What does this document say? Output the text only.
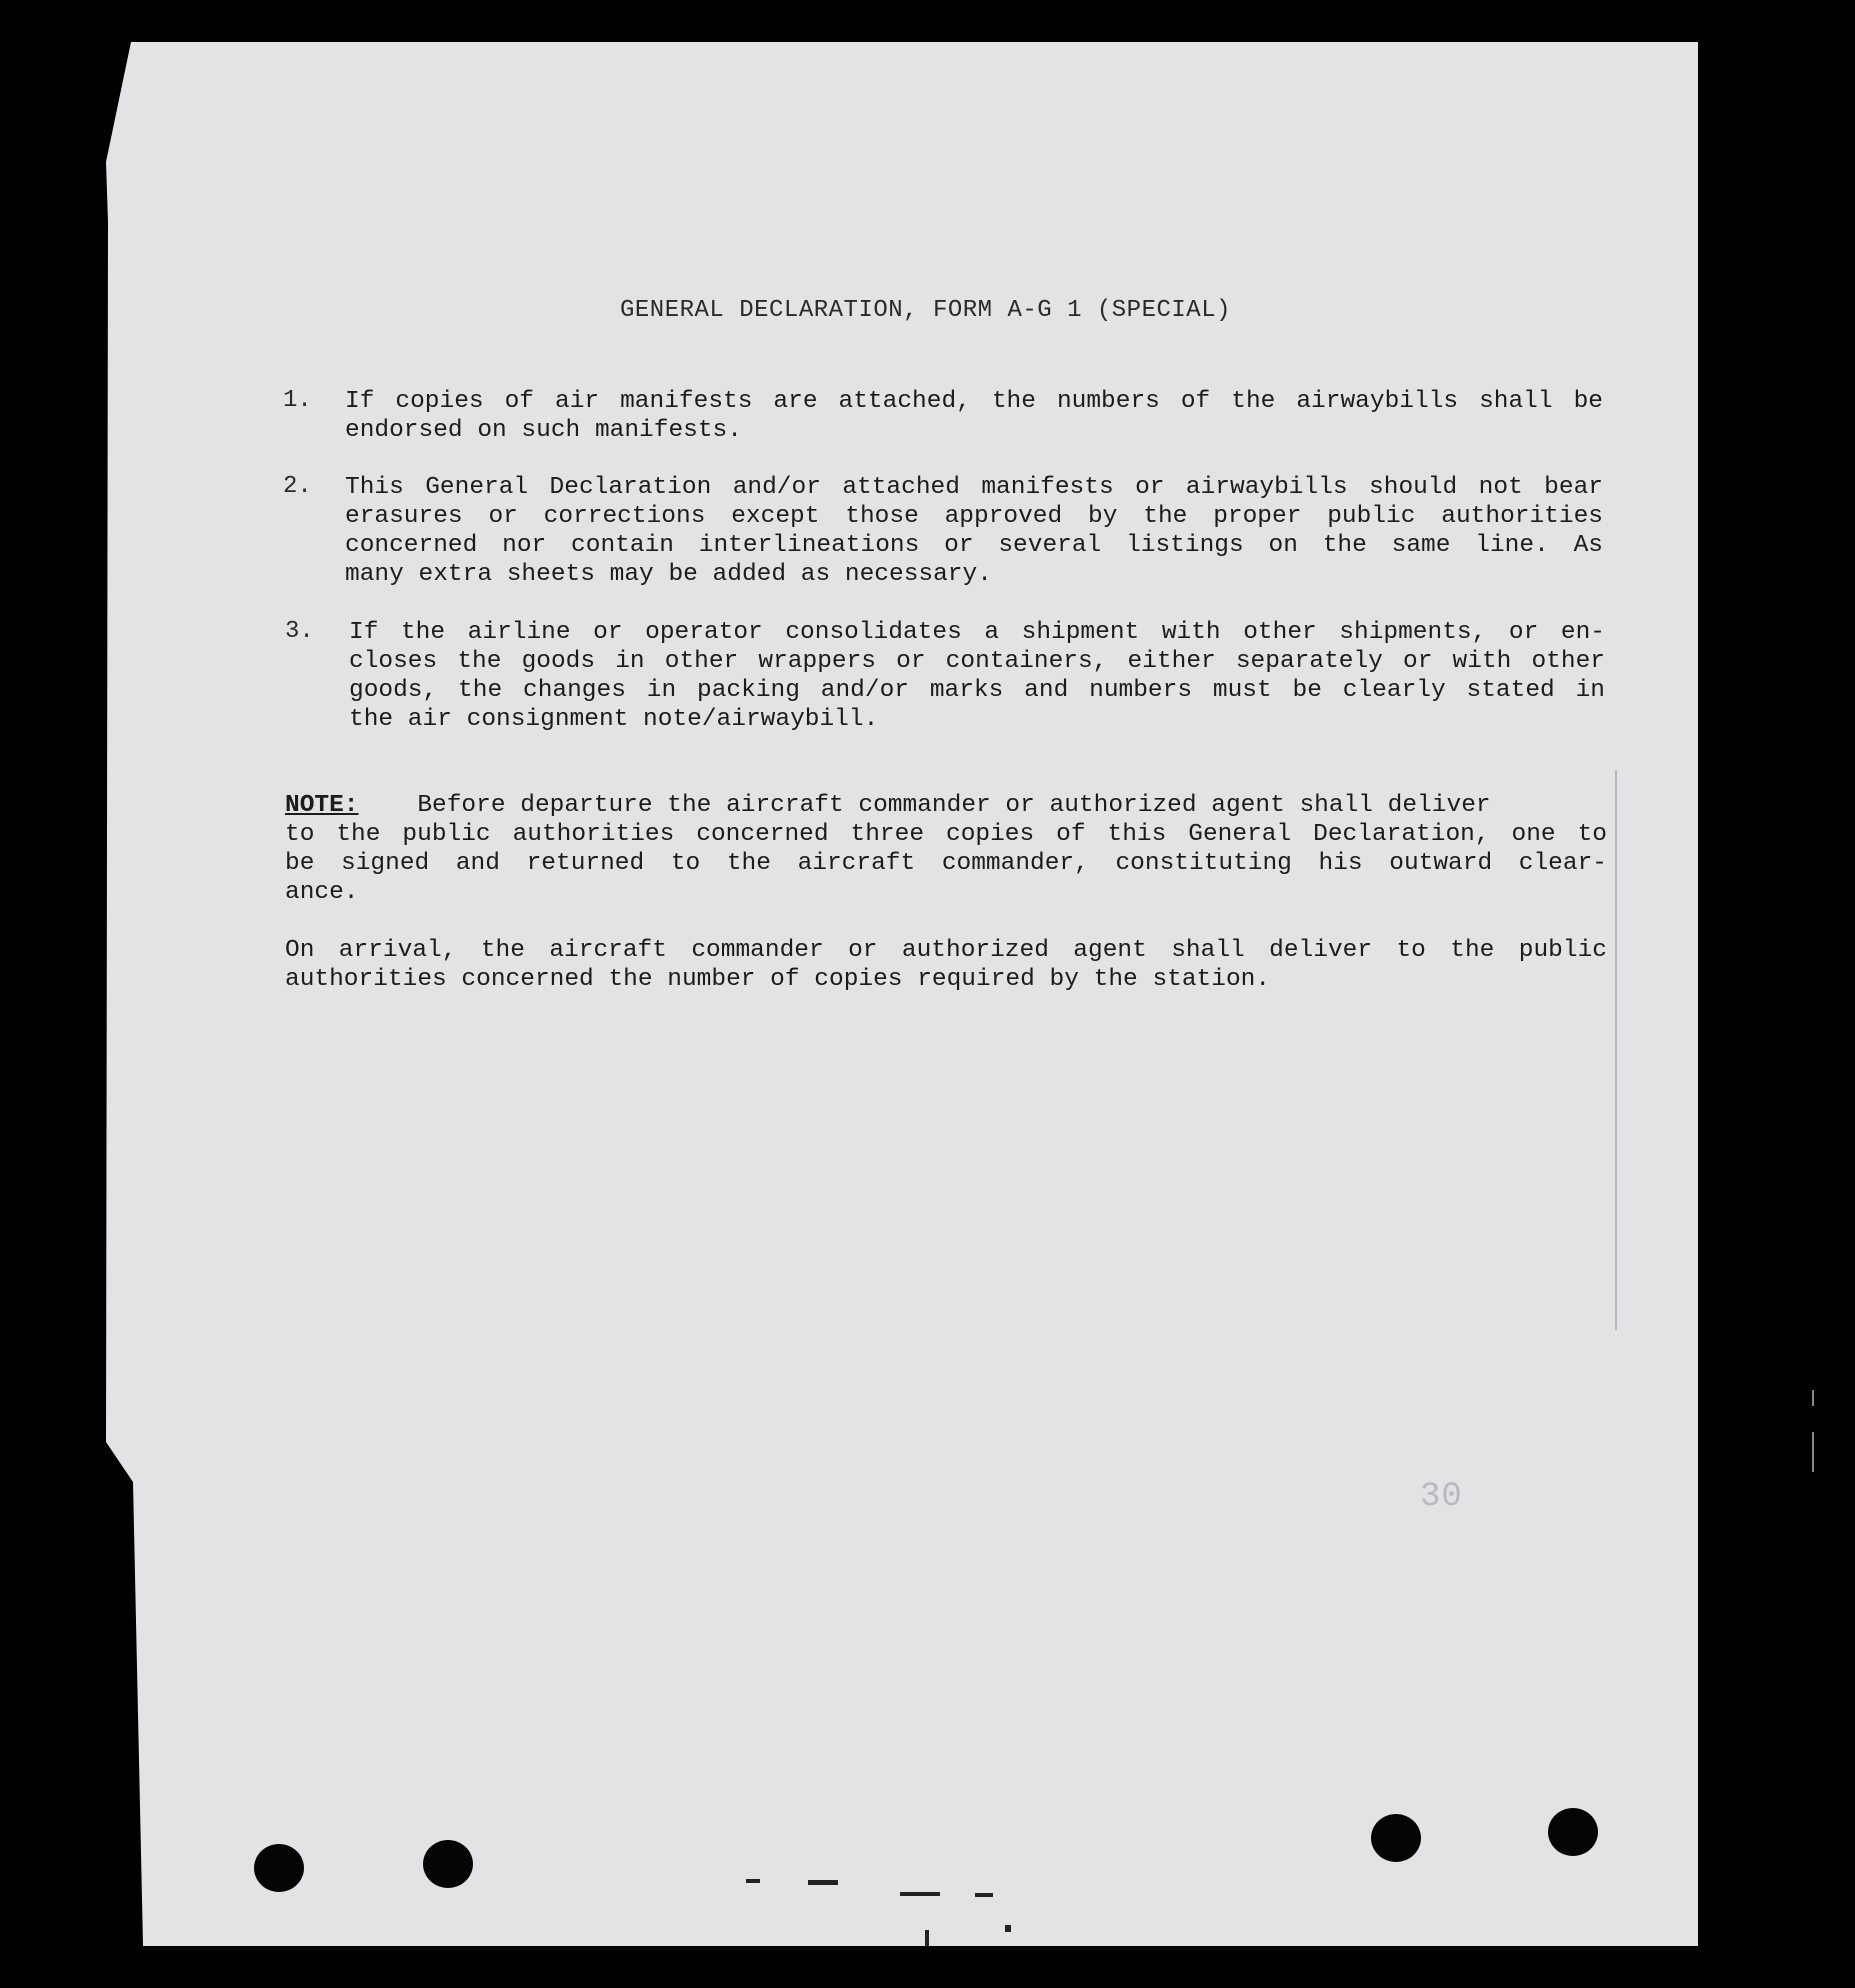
GENERAL DECLARATION, FORM A-G 1 (SPECIAL)
1. If copies of air manifests are attached, the numbers of the airwaybills shall be
endorsed on such manifests.
2. This General Declaration and/or attached manifests or airwaybills should not bear
erasures or corrections except those approved by the proper public authorities
concerned nor contain interlineations or several listings on the same line. As
many extra sheets may be added as necessary.
3. If the airline or operator consolidates a shipment with other shipments, or en-
closes the goods in other wrappers or containers, either separately or with other
goods, the changes in packing and/or marks and numbers must be clearly stated in
the air consignment note/airwaybill.
NOTE: Before departure the aircraft commander or authorized agent shall deliver
to the public authorities concerned three copies of this General Declaration, one to
be signed and returned to the aircraft commander, constituting his outward clear-
ance.
On arrival, the aircraft commander or authorized agent shall deliver to the public
authorities concerned the number of copies required by the station.
30
